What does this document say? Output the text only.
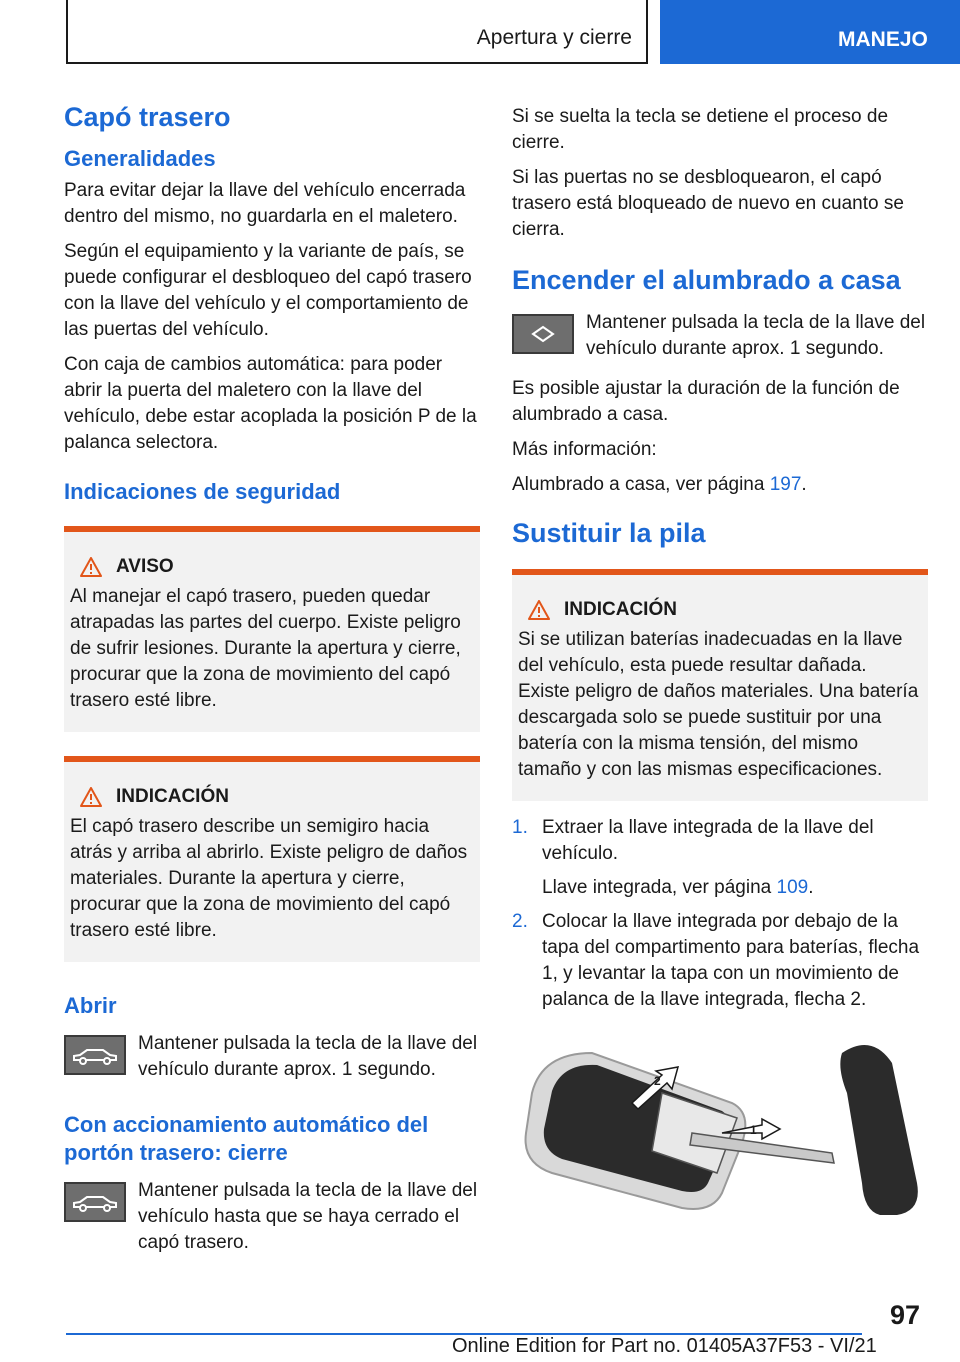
Apertura y cierre	MANEJO
Capó trasero
Generalidades

Para evitar dejar la llave del vehículo encerrada dentro del mismo, no guardarla en el maletero.

Según el equipamiento y la variante de país, se puede configurar el desbloqueo del capó trasero con la llave del vehículo y el comportamiento de las puertas del vehículo.

Con caja de cambios automática: para poder abrir la puerta del maletero con la llave del vehículo, debe estar acoplada la posición P de la palanca selectora.

Indicaciones de seguridad
AVISO

Al manejar el capó trasero, pueden quedar atrapadas las partes del cuerpo. Existe peligro de sufrir lesiones. Durante la apertura y cierre, procurar que la zona de movimiento del capó trasero esté libre.

INDICACIÓN

El capó trasero describe un semigiro hacia atrás y arriba al abrirlo. Existe peligro de daños materiales. Durante la apertura y cierre, procurar que la zona de movimiento del capó trasero esté libre.

Abrir

Mantener pulsada la tecla de la llave del vehículo durante aprox. 1 segundo.

Con accionamiento automático del portón trasero: cierre

Mantener pulsada la tecla de la llave del vehículo hasta que se haya cerrado el capó trasero.

Si se suelta la tecla se detiene el proceso de cierre.

Si las puertas no se desbloquearon, el capó trasero está bloqueado de nuevo en cuanto se cierra.

Encender el alumbrado a casa

Mantener pulsada la tecla de la llave del vehículo durante aprox. 1 segundo.

Es posible ajustar la duración de la función de alumbrado a casa.

Más información:

Alumbrado a casa, ver página 197.

Sustituir la pila
INDICACIÓN

Si se utilizan baterías inadecuadas en la llave del vehículo, esta puede resultar dañada. Existe peligro de daños materiales. Una batería descargada solo se puede sustituir por una batería con la misma tensión, del mismo tamaño y con las mismas especificaciones.

1. Extraer la llave integrada de la llave del vehículo.
Llave integrada, ver página 109.
2. Colocar la llave integrada por debajo de la tapa del compartimento para baterías, flecha 1, y levantar la tapa con un movimiento de palanca de la llave integrada, flecha 2.
1
2
97
Online Edition for Part no. 01405A37F53 - VI/21
